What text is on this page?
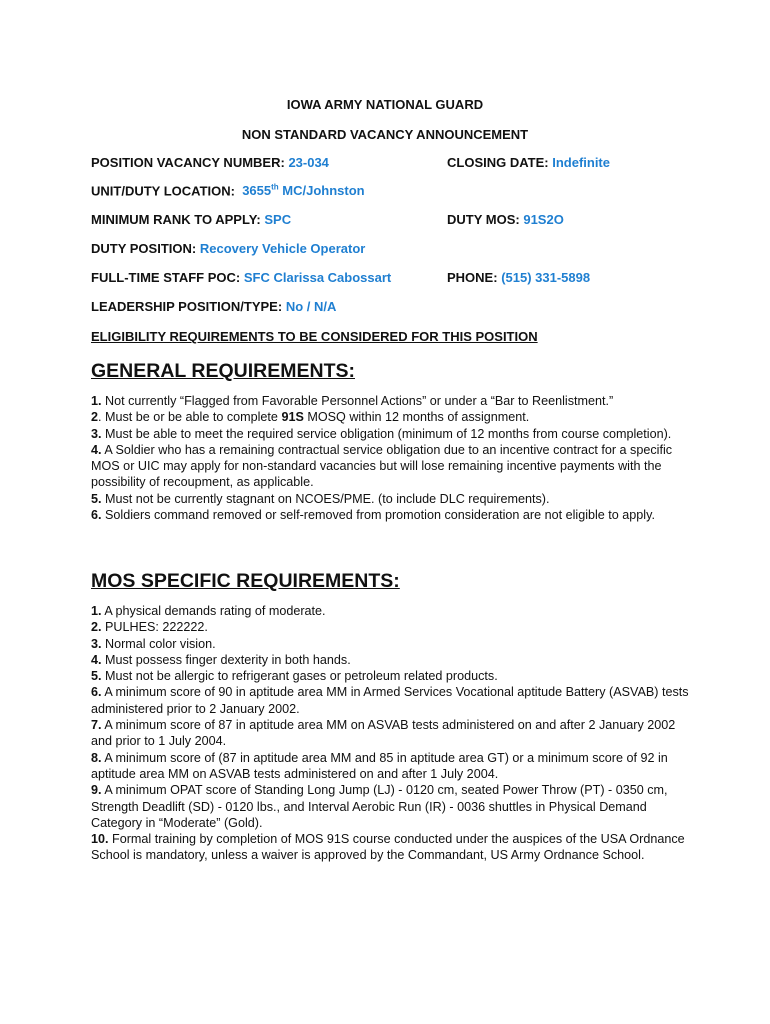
IOWA ARMY NATIONAL GUARD
NON STANDARD VACANCY ANNOUNCEMENT
POSITION VACANCY NUMBER: 23-034	CLOSING DATE: Indefinite
UNIT/DUTY LOCATION: 3655th MC/Johnston
MINIMUM RANK TO APPLY: SPC	DUTY MOS: 91S2O
DUTY POSITION: Recovery Vehicle Operator
FULL-TIME STAFF POC: SFC Clarissa Cabossart	PHONE: (515) 331-5898
LEADERSHIP POSITION/TYPE: No / N/A
ELIGIBILITY REQUIREMENTS TO BE CONSIDERED FOR THIS POSITION
GENERAL REQUIREMENTS:
1. Not currently “Flagged from Favorable Personnel Actions” or under a “Bar to Reenlistment.”
2. Must be or be able to complete 91S MOSQ within 12 months of assignment.
3. Must be able to meet the required service obligation (minimum of 12 months from course completion).
4. A Soldier who has a remaining contractual service obligation due to an incentive contract for a specific MOS or UIC may apply for non-standard vacancies but will lose remaining incentive payments with the possibility of recoupment, as applicable.
5. Must not be currently stagnant on NCOES/PME. (to include DLC requirements).
6. Soldiers command removed or self-removed from promotion consideration are not eligible to apply.
MOS SPECIFIC REQUIREMENTS:
1. A physical demands rating of moderate.
2. PULHES: 222222.
3. Normal color vision.
4. Must possess finger dexterity in both hands.
5. Must not be allergic to refrigerant gases or petroleum related products.
6. A minimum score of 90 in aptitude area MM in Armed Services Vocational aptitude Battery (ASVAB) tests administered prior to 2 January 2002.
7. A minimum score of 87 in aptitude area MM on ASVAB tests administered on and after 2 January 2002 and prior to 1 July 2004.
8. A minimum score of (87 in aptitude area MM and 85 in aptitude area GT) or a minimum score of 92 in aptitude area MM on ASVAB tests administered on and after 1 July 2004.
9. A minimum OPAT score of Standing Long Jump (LJ) - 0120 cm, seated Power Throw (PT) - 0350 cm, Strength Deadlift (SD) - 0120 lbs., and Interval Aerobic Run (IR) - 0036 shuttles in Physical Demand Category in “Moderate” (Gold).
10. Formal training by completion of MOS 91S course conducted under the auspices of the USA Ordnance School is mandatory, unless a waiver is approved by the Commandant, US Army Ordnance School.
